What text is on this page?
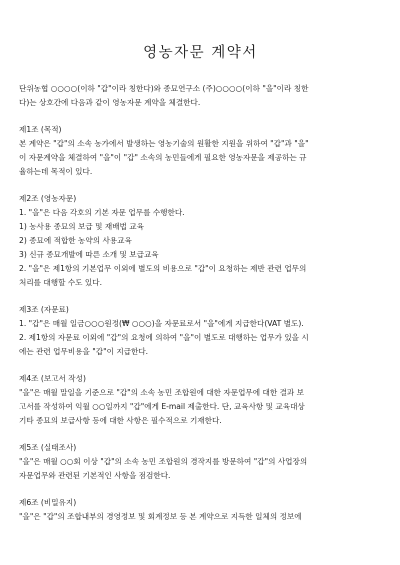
영농자문 계약서
단위농협 ○○○○(이하 "갑"이라 칭한다)와 종묘연구소 (주)○○○○(이하 "을"이라 칭한
다)는 상호간에 다음과 같이 영농자문 계약을 체결한다.

제1조 (목적)

본 계약은 "갑"의 소속 농가에서 발생하는 영농기술의 원활한 지원을 위하여 "갑"과 "을"
이 자문계약을 체결하여 "을"이 "갑" 소속의 농민들에게 필요한 영농자문을 제공하는 규
율하는데 목적이 있다.

제2조 (영농자문)

1. "을"은 다음 각호의 기본 자문 업무를 수행한다.
1) 농사용 종묘의 보급 및 재배법 교육
2) 종묘에 적합한 농약의 사용교육
3) 신규 종묘개발에 따른 소개 및 보급교육
2. "을"은 제1항의 기본업무 이외에 별도의 비용으로 "갑"이 요청하는 제반 관련 업무의
처리를 대행할 수도 있다.

제3조 (자문료)

1. "갑"은 매월 일금○○○원정(₩ ○○○)을 자문료로서 "을"에게 지급한다(VAT 별도).
2. 제1항의 자문료 이외에 "갑"의 요청에 의하여 "을"이 별도로 대행하는 업무가 있을 시
에는 관련 업무비용을 "갑"이 지급한다.

제4조 (보고서 작성)

"을"은 매월 말일을 기준으로 "갑"의 소속 농민 조합원에 대한 자문업무에 대한 결과 보
고서를 작성하여 익월 ○○일까지 "갑"에게 E-mail 제출한다. 단, 교육사항 및 교육대상
기타 종묘의 보급사항 등에 대한 사항은 필수적으로 기재한다.

제5조 (실태조사)

"을"은 매월 ○○회 이상 "갑"의 소속 농민 조합원의 경작지를 방문하여 "갑"의 사업장의
자문업무와 관련된 기본적인 사항을 점검한다.

제6조 (비밀유지)

"을"은 "갑"의 조합내부의 경영정보 및 회계정보 등 본 계약으로 지득한 일체의 정보에
